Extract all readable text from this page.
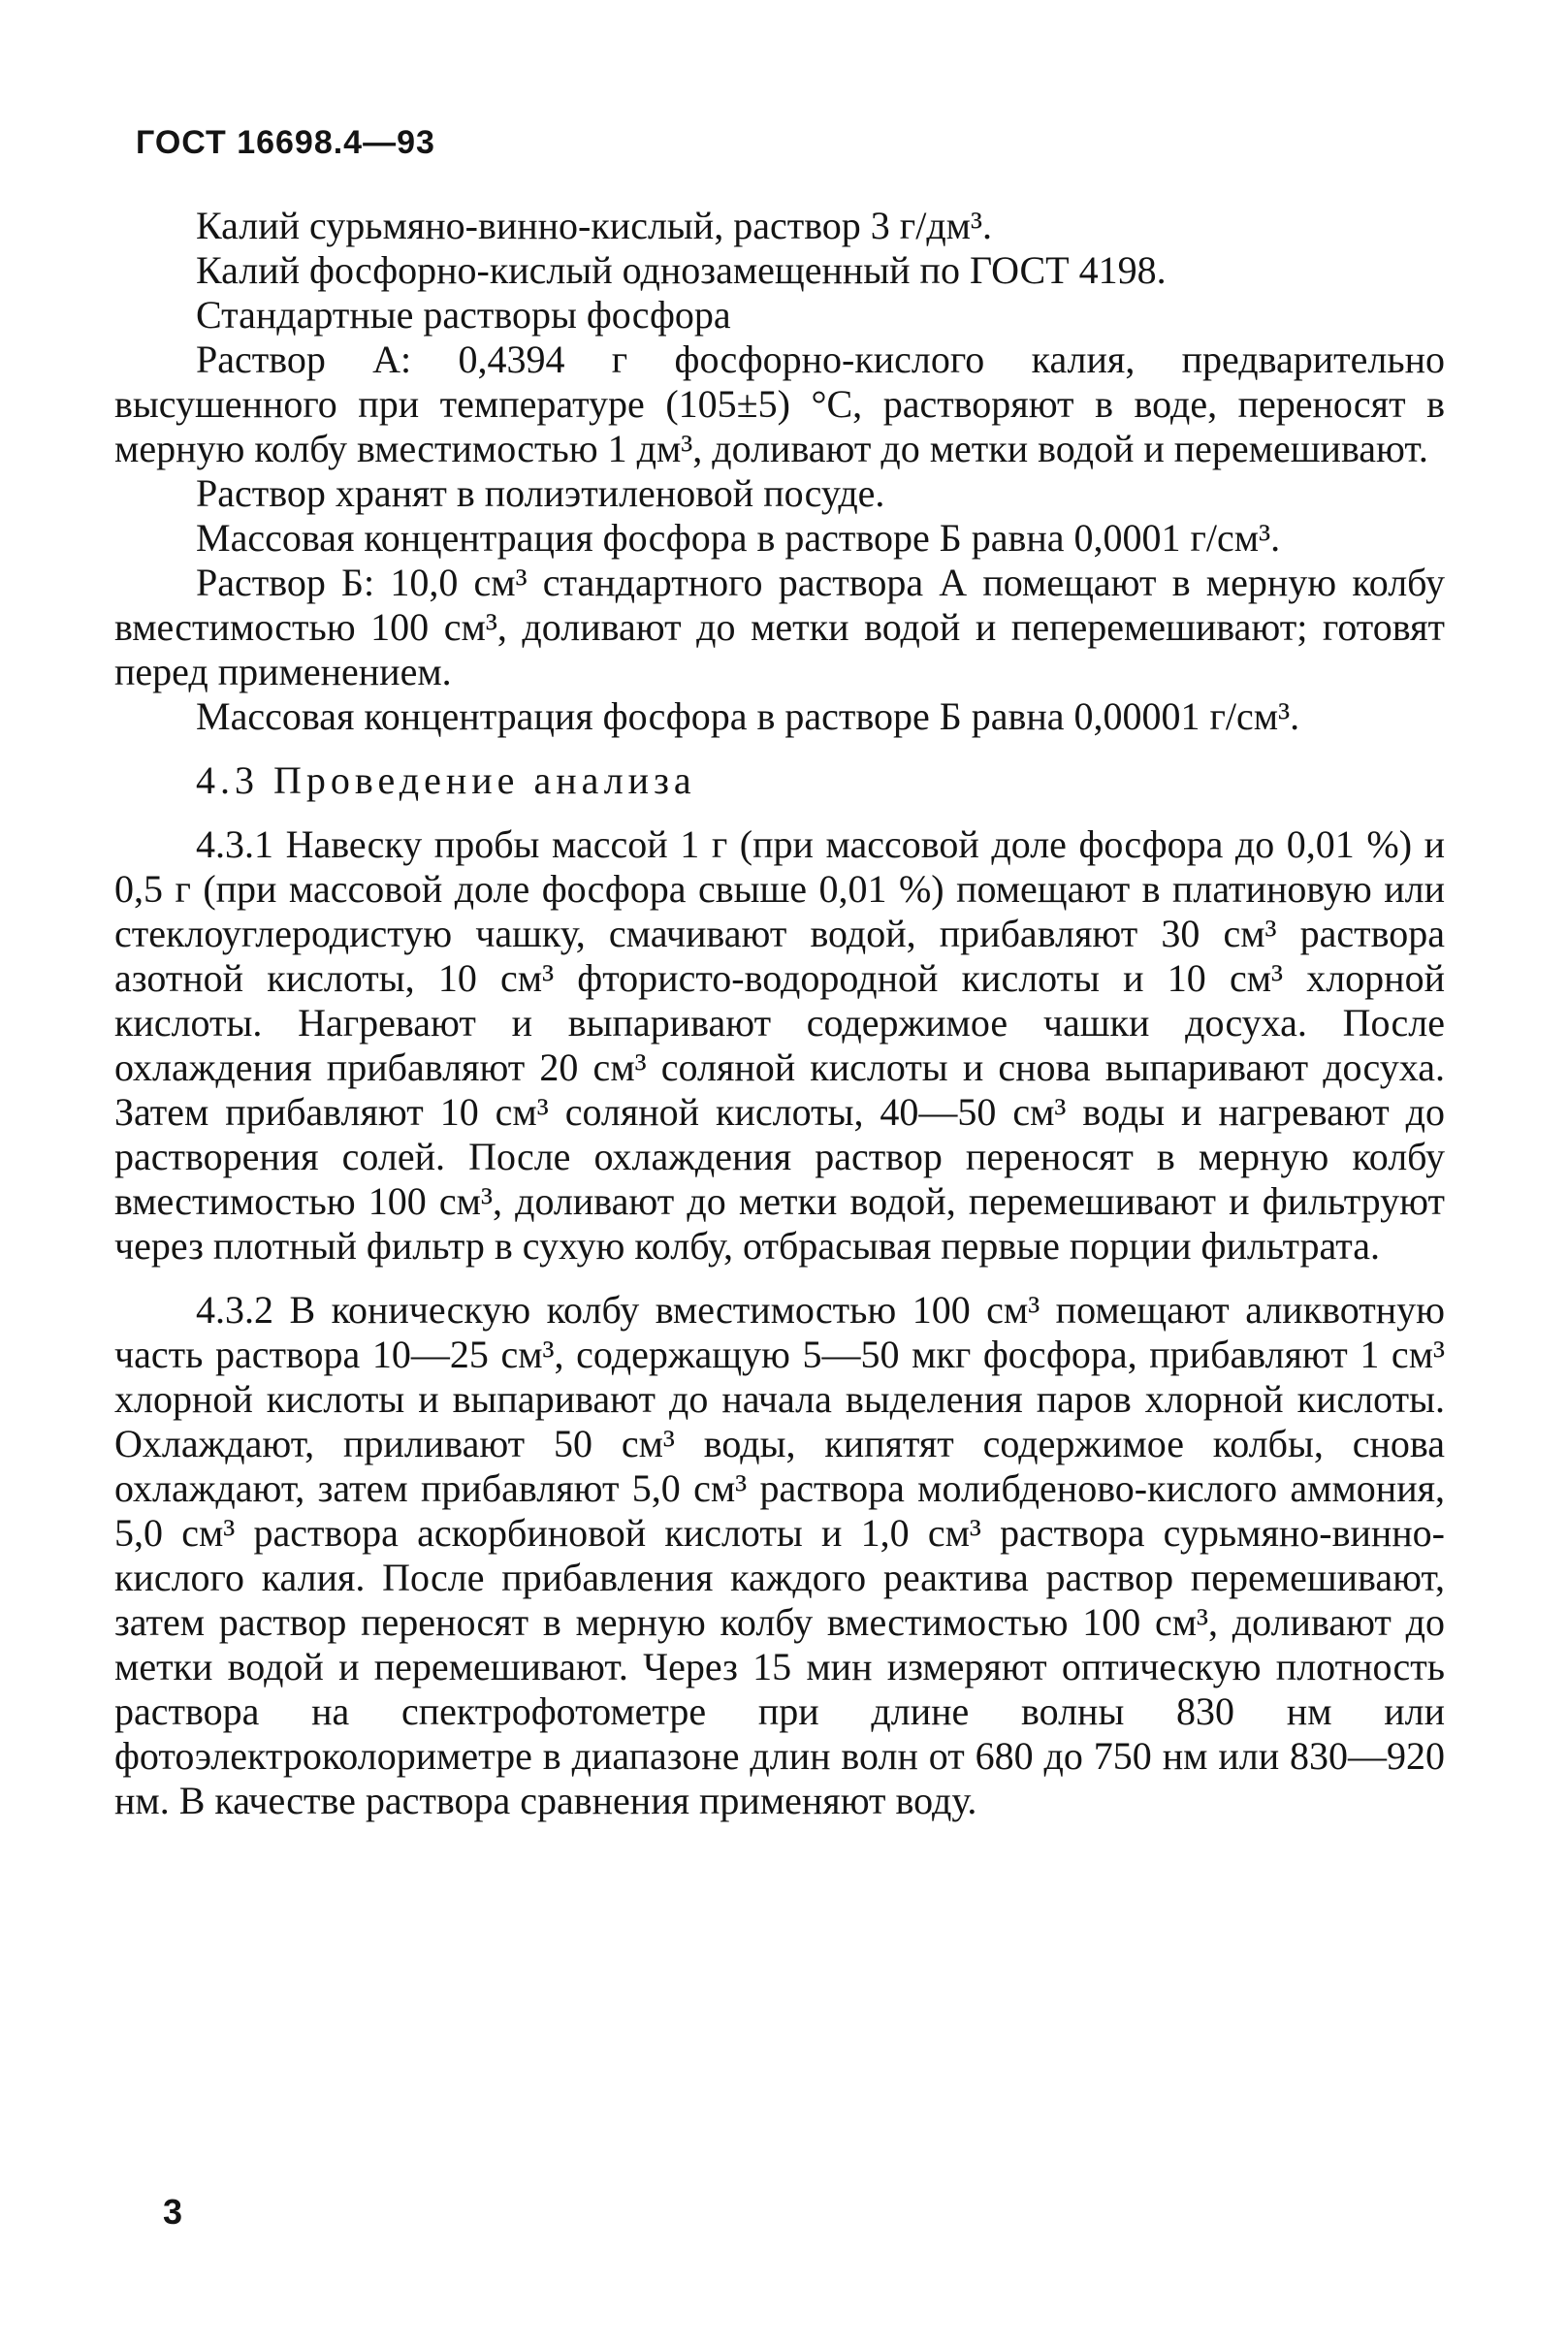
ГОСТ 16698.4—93

Калий сурьмяно-винно-кислый, раствор 3 г/дм³.

Калий фосфорно-кислый однозамещенный по ГОСТ 4198.

Стандартные растворы фосфора

Раствор А: 0,4394 г фосфорно-кислого калия, предварительно высушенного при температуре (105±5) °С, растворяют в воде, переносят в мерную колбу вместимостью 1 дм³, доливают до метки водой и перемешивают.

Раствор хранят в полиэтиленовой посуде.

Массовая концентрация фосфора в растворе Б равна 0,0001 г/см³.

Раствор Б: 10,0 см³ стандартного раствора А помещают в мерную колбу вместимостью 100 см³, доливают до метки водой и пеперемешивают; готовят перед применением.

Массовая концентрация фосфора в растворе Б равна 0,00001 г/см³.

4.3 Проведение анализа

4.3.1 Навеску пробы массой 1 г (при массовой доле фосфора до 0,01 %) и 0,5 г (при массовой доле фосфора свыше 0,01 %) помещают в платиновую или стеклоуглеродистую чашку, смачивают водой, прибавляют 30 см³ раствора азотной кислоты, 10 см³ фтористо-водородной кислоты и 10 см³ хлорной кислоты. Нагревают и выпаривают содержимое чашки досуха. После охлаждения прибавляют 20 см³ соляной кислоты и снова выпаривают досуха. Затем прибавляют 10 см³ соляной кислоты, 40—50 см³ воды и нагревают до растворения солей. После охлаждения раствор переносят в мерную колбу вместимостью 100 см³, доливают до метки водой, перемешивают и фильтруют через плотный фильтр в сухую колбу, отбрасывая первые порции фильтрата.

4.3.2 В коническую колбу вместимостью 100 см³ помещают аликвотную часть раствора 10—25 см³, содержащую 5—50 мкг фосфора, прибавляют 1 см³ хлорной кислоты и выпаривают до начала выделения паров хлорной кислоты. Охлаждают, приливают 50 см³ воды, кипятят содержимое колбы, снова охлаждают, затем прибавляют 5,0 см³ раствора молибденово-кислого аммония, 5,0 см³ раствора аскорбиновой кислоты и 1,0 см³ раствора сурьмяно-винно-кислого калия. После прибавления каждого реактива раствор перемешивают, затем раствор переносят в мерную колбу вместимостью 100 см³, доливают до метки водой и перемешивают. Через 15 мин измеряют оптическую плотность раствора на спектрофотометре при длине волны 830 нм или фотоэлектроколориметре в диапазоне длин волн от 680 до 750 нм или 830—920 нм. В качестве раствора сравнения применяют воду.

3
